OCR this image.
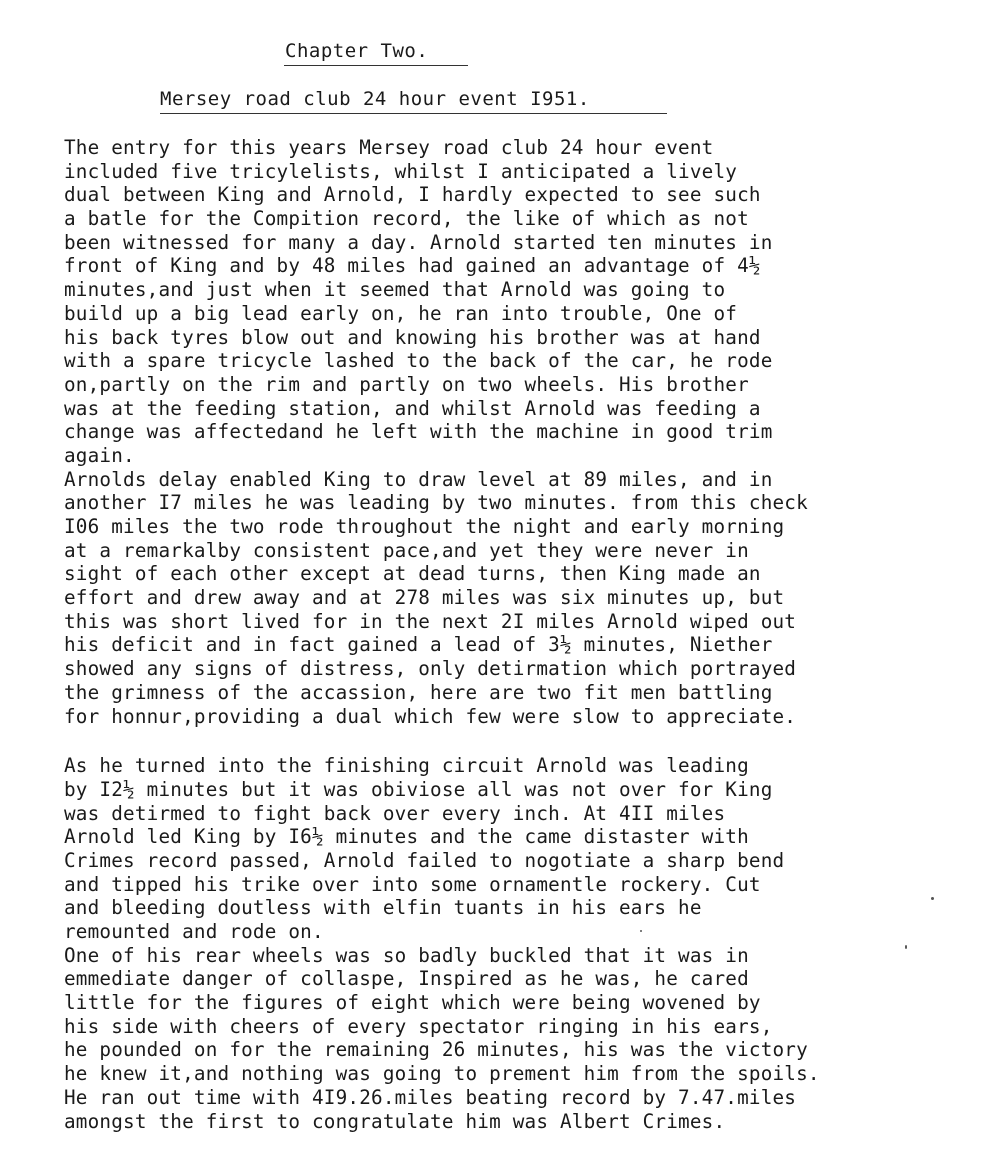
Chapter Two.
Mersey road club 24 hour event I951.
The entry for this years Mersey road club 24 hour event
included five tricylelists, whilst I anticipated a lively
dual between King and Arnold, I hardly expected to see such
a batle for the Compition record, the like of which as not
been witnessed for many a day. Arnold started ten minutes in
front of King and by 48 miles had gained an advantage of 4½
minutes,and just when it seemed that Arnold was going to
build up a big lead early on, he ran into trouble, One of
his back tyres blow out and knowing his brother was at hand
with a spare tricycle lashed to the back of the car, he rode
on,partly on the rim and partly on two wheels. His brother
was at the feeding station, and whilst Arnold was feeding a
change was affectedand he left with the machine in good trim
again.
Arnolds delay enabled King to draw level at 89 miles, and in
another I7 miles he was leading by two minutes. from this check
I06 miles the two rode throughout the night and early morning
at a remarkalby consistent pace,and yet they were never in
sight of each other except at dead turns, then King made an
effort and drew away and at 278 miles was six minutes up, but
this was short lived for in the next 2I miles Arnold wiped out
his deficit and in fact gained a lead of 3½ minutes, Niether
showed any signs of distress, only detirmation which portrayed
the grimness of the accassion, here are two fit men battling
for honnur,providing a dual which few were slow to appreciate.
As he turned into the finishing circuit Arnold was leading
by I2½ minutes but it was obiviose all was not over for King
was detirmed to fight back over every inch. At 4II miles
Arnold led King by I6½ minutes and the came distaster with
Crimes record passed, Arnold failed to nogotiate a sharp bend
and tipped his trike over into some ornamentle rockery. Cut
and bleeding doutless with elfin tuants in his ears he
remounted and rode on.
One of his rear wheels was so badly buckled that it was in
emmediate danger of collaspe, Inspired as he was, he cared
little for the figures of eight which were being wovened by
his side with cheers of every spectator ringing in his ears,
he pounded on for the remaining 26 minutes, his was the victory
he knew it,and nothing was going to prement him from the spoils.
He ran out time with 4I9.26.miles beating record by 7.47.miles
amongst the first to congratulate him was Albert Crimes.
